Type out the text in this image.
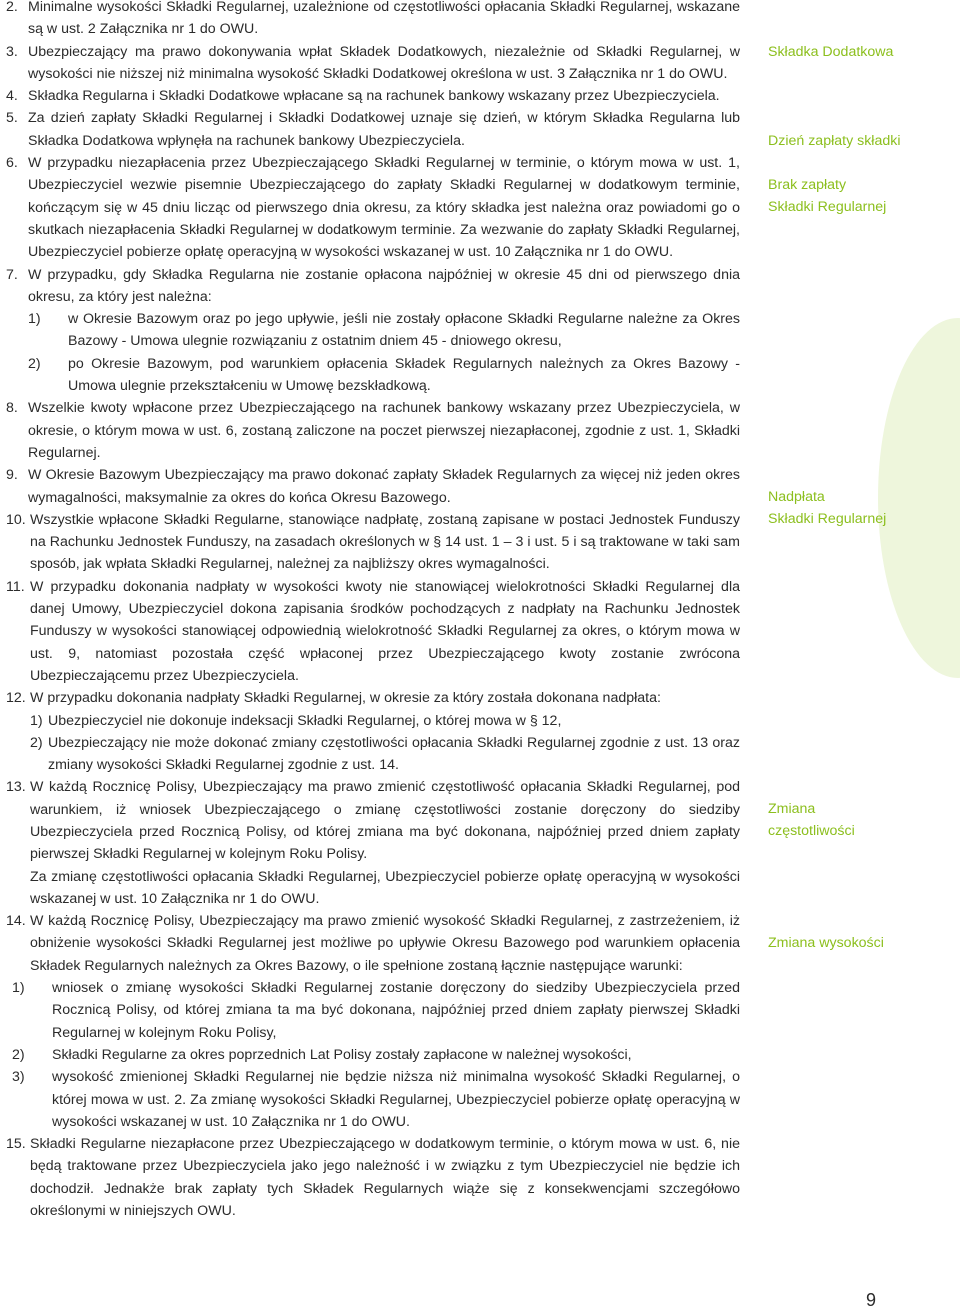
2. Minimalne wysokości Składki Regularnej, uzależnione od częstotliwości opłacania Składki Regularnej, wskazane są w ust. 2 Załącznika nr 1 do OWU.

3. Ubezpieczający ma prawo dokonywania wpłat Składek Dodatkowych, niezależnie od Składki Regularnej, w wysokości nie niższej niż minimalna wysokość Składki Dodatkowej określona w ust. 3 Załącznika nr 1 do OWU.

4. Składka Regularna i Składki Dodatkowe wpłacane są na rachunek bankowy wskazany przez Ubezpieczyciela.

5. Za dzień zapłaty Składki Regularnej i Składki Dodatkowej uznaje się dzień, w którym Składka Regularna lub Składka Dodatkowa wpłynęła na rachunek bankowy Ubezpieczyciela.

6. W przypadku niezapłacenia przez Ubezpieczającego Składki Regularnej w terminie, o którym mowa w ust. 1, Ubezpieczyciel wezwie pisemnie Ubezpieczającego do zapłaty Składki Regularnej w dodatkowym terminie, kończącym się w 45 dniu licząc od pierwszego dnia okresu, za który składka jest należna oraz powiadomi go o skutkach niezapłacenia Składki Regularnej w dodatkowym terminie. Za wezwanie do zapłaty Składki Regularnej, Ubezpieczyciel pobierze opłatę operacyjną w wysokości wskazanej w ust. 10 Załącznika nr 1 do OWU.

7. W przypadku, gdy Składka Regularna nie zostanie opłacona najpóźniej w okresie 45 dni od pierwszego dnia okresu, za który jest należna:

1) w Okresie Bazowym oraz po jego upływie, jeśli nie zostały opłacone Składki Regularne należne za Okres Bazowy - Umowa ulegnie rozwiązaniu z ostatnim dniem 45 - dniowego okresu,

2) po Okresie Bazowym, pod warunkiem opłacenia Składek Regularnych należnych za Okres Bazowy - Umowa ulegnie przekształceniu w Umowę bezskładkową.

8. Wszelkie kwoty wpłacone przez Ubezpieczającego na rachunek bankowy wskazany przez Ubezpieczyciela, w okresie, o którym mowa w ust. 6, zostaną zaliczone na poczet pierwszej niezapłaconej, zgodnie z ust. 1, Składki Regularnej.

9. W Okresie Bazowym Ubezpieczający ma prawo dokonać zapłaty Składek Regularnych za więcej niż jeden okres wymagalności, maksymalnie za okres do końca Okresu Bazowego.

10. Wszystkie wpłacone Składki Regularne, stanowiące nadpłatę, zostaną zapisane w postaci Jednostek Funduszy na Rachunku Jednostek Funduszy, na zasadach określonych w § 14 ust. 1 – 3 i ust. 5 i są traktowane w taki sam sposób, jak wpłata Składki Regularnej, należnej za najbliższy okres wymagalności.

11. W przypadku dokonania nadpłaty w wysokości kwoty nie stanowiącej wielokrotności Składki Regularnej dla danej Umowy, Ubezpieczyciel dokona zapisania środków pochodzących z nadpłaty na Rachunku Jednostek Funduszy w wysokości stanowiącej odpowiednią wielokrotność Składki Regularnej za okres, o którym mowa w ust. 9, natomiast pozostała część wpłaconej przez Ubezpieczającego kwoty zostanie zwrócona Ubezpieczającemu przez Ubezpieczyciela.

12. W przypadku dokonania nadpłaty Składki Regularnej, w okresie za który została dokonana nadpłata:

1) Ubezpieczyciel nie dokonuje indeksacji Składki Regularnej, o której mowa w § 12,

2) Ubezpieczający nie może dokonać zmiany częstotliwości opłacania Składki Regularnej zgodnie z ust. 13 oraz zmiany wysokości Składki Regularnej zgodnie z ust. 14.

13. W każdą Rocznicę Polisy, Ubezpieczający ma prawo zmienić częstotliwość opłacania Składki Regularnej, pod warunkiem, iż wniosek Ubezpieczającego o zmianę częstotliwości zostanie doręczony do siedziby Ubezpieczyciela przed Rocznicą Polisy, od której zmiana ma być dokonana, najpóźniej przed dniem zapłaty pierwszej Składki Regularnej w kolejnym Roku Polisy.

Za zmianę częstotliwości opłacania Składki Regularnej, Ubezpieczyciel pobierze opłatę operacyjną w wysokości wskazanej w ust. 10 Załącznika nr 1 do OWU.

14. W każdą Rocznicę Polisy, Ubezpieczający ma prawo zmienić wysokość Składki Regularnej, z zastrzeżeniem, iż obniżenie wysokości Składki Regularnej jest możliwe po upływie Okresu Bazowego pod warunkiem opłacenia Składek Regularnych należnych za Okres Bazowy, o ile spełnione zostaną łącznie następujące warunki:

1) wniosek o zmianę wysokości Składki Regularnej zostanie doręczony do siedziby Ubezpieczyciela przed Rocznicą Polisy, od której zmiana ta ma być dokonana, najpóźniej przed dniem zapłaty pierwszej Składki Regularnej w kolejnym Roku Polisy,

2) Składki Regularne za okres poprzednich Lat Polisy zostały zapłacone w należnej wysokości,

3) wysokość zmienionej Składki Regularnej nie będzie niższa niż minimalna wysokość Składki Regularnej, o której mowa w ust. 2. Za zmianę wysokości Składki Regularnej, Ubezpieczyciel pobierze opłatę operacyjną w wysokości wskazanej w ust. 10 Załącznika nr 1 do OWU.

15. Składki Regularne niezapłacone przez Ubezpieczającego w dodatkowym terminie, o którym mowa w ust. 6, nie będą traktowane przez Ubezpieczyciela jako jego należność i w związku z tym Ubezpieczyciel nie będzie ich dochodził. Jednakże brak zapłaty tych Składek Regularnych wiąże się z konsekwencjami szczegółowo określonymi w niniejszych OWU.

Składka Dodatkowa
Dzień zapłaty składki
Brak zapłaty
Składki Regularnej
Nadpłata
Składki Regularnej
Zmiana
częstotliwości
Zmiana wysokości
9
